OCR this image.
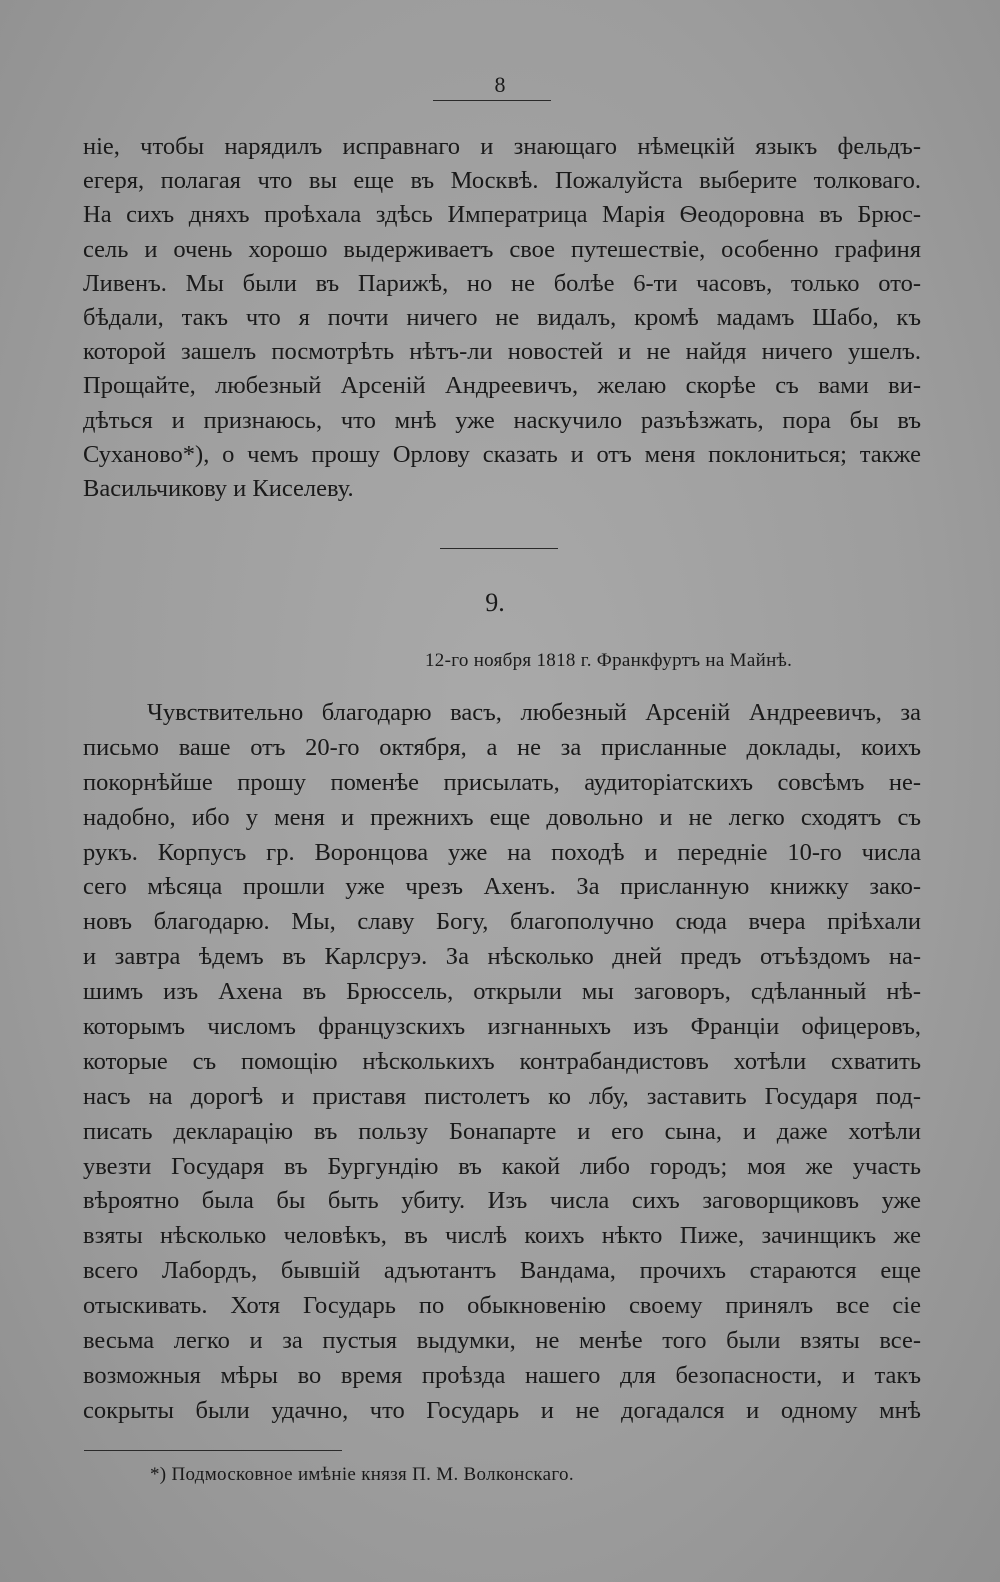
8
ніе, чтобы нарядилъ исправнаго и знающаго нѣмецкій языкъ фельдъ-
егеря, полагая что вы еще въ Москвѣ. Пожалуйста выберите толковаго.
На сихъ дняхъ проѣхала здѣсь Императрица Марія Ѳеодоровна въ Брюс-
сель и очень хорошо выдерживаетъ свое путешествіе, особенно графиня
Ливенъ. Мы были въ Парижѣ, но не болѣе 6-ти часовъ, только ото-
бѣдали, такъ что я почти ничего не видалъ, кромѣ мадамъ Шабо, къ
которой зашелъ посмотрѣть нѣтъ-ли новостей и не найдя ничего ушелъ.
Прощайте, любезный Арсеній Андреевичъ, желаю скорѣе съ вами ви-
дѣться и признаюсь, что мнѣ уже наскучило разъѣзжать, пора бы въ
Суханово*), о чемъ прошу Орлову сказать и отъ меня поклониться; также
Васильчикову и Киселеву.
9.
12-го ноября 1818 г. Франкфуртъ на Майнѣ.
Чувствительно благодарю васъ, любезный Арсеній Андреевичъ, за
письмо ваше отъ 20-го октября, а не за присланные доклады, коихъ
покорнѣйше прошу поменѣе присылать, аудиторіатскихъ совсѣмъ не-
надобно, ибо у меня и прежнихъ еще довольно и не легко сходятъ съ
рукъ. Корпусъ гр. Воронцова уже на походѣ и передніе 10-го числа
сего мѣсяца прошли уже чрезъ Ахенъ. За присланную книжку зако-
новъ благодарю. Мы, славу Богу, благополучно сюда вчера пріѣхали
и завтра ѣдемъ въ Карлсруэ. За нѣсколько дней предъ отъѣздомъ на-
шимъ изъ Ахена въ Брюссель, открыли мы заговоръ, сдѣланный нѣ-
которымъ числомъ французскихъ изгнанныхъ изъ Франціи офицеровъ,
которые съ помощію нѣсколькихъ контрабандистовъ хотѣли схватить
насъ на дорогѣ и приставя пистолетъ ко лбу, заставить Государя под-
писать декларацію въ пользу Бонапарте и его сына, и даже хотѣли
увезти Государя въ Бургундію въ какой либо городъ; моя же участь
вѣроятно была бы быть убиту. Изъ числа сихъ заговорщиковъ уже
взяты нѣсколько человѣкъ, въ числѣ коихъ нѣкто Пиже, зачинщикъ же
всего Лабордъ, бывшій адъютантъ Вандама, прочихъ стараются еще
отыскивать. Хотя Государь по обыкновенію своему принялъ все сіе
весьма легко и за пустыя выдумки, не менѣе того были взяты все-
возможныя мѣры во время проѣзда нашего для безопасности, и такъ
сокрыты были удачно, что Государь и не догадался и одному мнѣ
*) Подмосковное имѣніе князя П. М. Волконскаго.
